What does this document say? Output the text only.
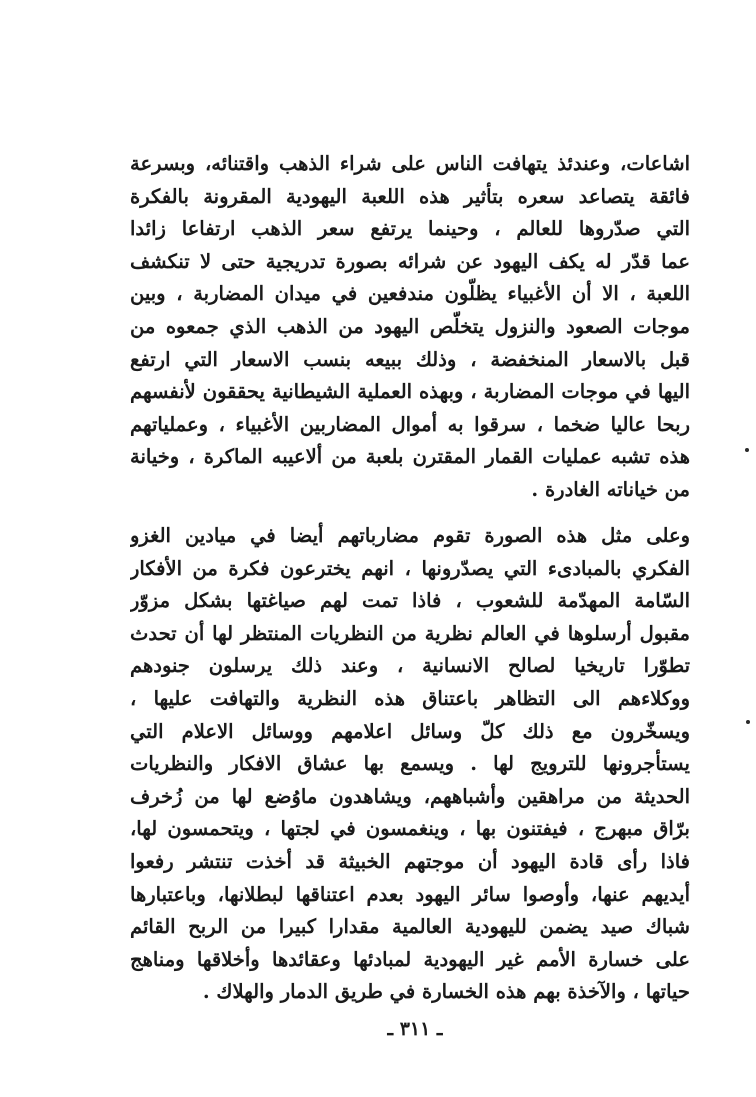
اشاعات، وعندئذ يتهافت الناس على شراء الذهب واقتنائه، وبسرعة
فائقة يتصاعد سعره بتأثير هذه اللعبة اليهودية المقرونة بالفكرة
التي صدّروها للعالم ، وحينما يرتفع سعر الذهب ارتفاعا زائدا
عما قدّر له يكف اليهود عن شرائه بصورة تدريجية حتى لا تنكشف
اللعبة ، الا أن الأغبياء يظلّون مندفعين في ميدان المضاربة ، وبين
موجات الصعود والنزول يتخلّص اليهود من الذهب الذي جمعوه من
قبل بالاسعار المنخفضة ، وذلك ببيعه بنسب الاسعار التي ارتفع
اليها في موجات المضاربة ، وبهذه العملية الشيطانية يحققون لأنفسهم
ربحا عاليا ضخما ، سرقوا به أموال المضاربين الأغبياء ، وعملياتهم
هذه تشبه عمليات القمار المقترن بلعبة من ألاعيبه الماكرة ، وخيانة
من خياناته الغادرة .
وعلى مثل هذه الصورة تقوم مضارباتهم أيضا في ميادين الغزو
الفكري بالمبادىء التي يصدّرونها ، انهم يخترعون فكرة من الأفكار
السّامة المهدّمة للشعوب ، فاذا تمت لهم صياغتها بشكل مزوّر
مقبول أرسلوها في العالم نظرية من النظريات المنتظر لها أن تحدث
تطوّرا تاريخيا لصالح الانسانية ، وعند ذلك يرسلون جنودهم
ووكلاءهم الى التظاهر باعتناق هذه النظرية والتهافت عليها ،
ويسخّرون مع ذلك كلّ وسائل اعلامهم ووسائل الاعلام التي
يستأجرونها للترويج لها . ويسمع بها عشاق الافكار والنظريات
الحديثة من مراهقين وأشباههم، ويشاهدون ماوُضع لها من زُخرف
برّاق مبهرج ، فيفتنون بها ، وينغمسون في لجتها ، ويتحمسون لها،
فاذا رأى قادة اليهود أن موجتهم الخبيثة قد أخذت تنتشر رفعوا
أيديهم عنها، وأوصوا سائر اليهود بعدم اعتناقها لبطلانها، وباعتبارها
شباك صيد يضمن لليهودية العالمية مقدارا كبيرا من الربح القائم
على خسارة الأمم غير اليهودية لمبادئها وعقائدها وأخلاقها ومناهج
حياتها ، والآخذة بهم هذه الخسارة في طريق الدمار والهلاك .
ـ ٣١١ ـ
